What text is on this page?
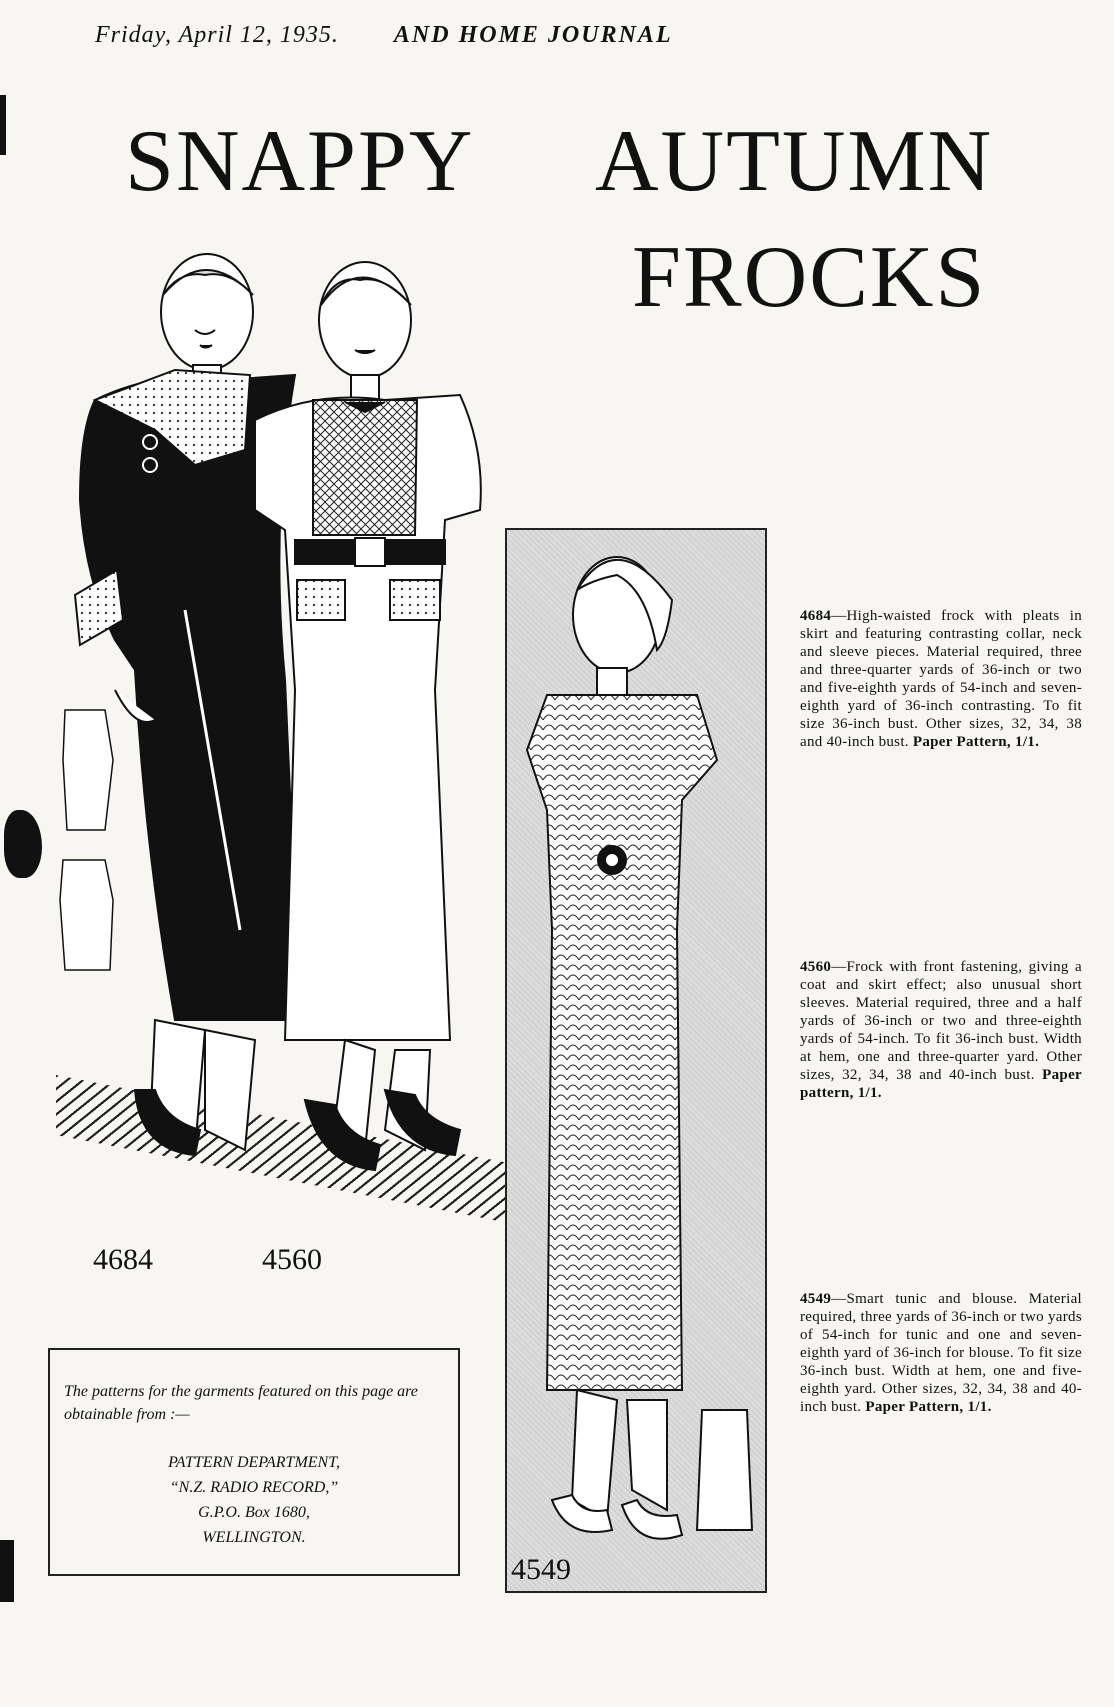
Friday, April 12, 1935. AND HOME JOURNAL
SNAPPY AUTUMN
FROCKS
4684	4560
4549
4684—High-waisted frock with pleats in skirt and featuring contrasting collar, neck and sleeve pieces. Material required, three and three-quarter yards of 36-inch or two and five-eighth yards of 54-inch and seven-eighth yard of 36-inch contrasting. To fit size 36-inch bust. Other sizes, 32, 34, 38 and 40-inch bust. Paper Pattern, 1/1.
4560—Frock with front fastening, giving a coat and skirt effect; also unusual short sleeves. Material required, three and a half yards of 36-inch or two and three-eighth yards of 54-inch. To fit 36-inch bust. Width at hem, one and three-quarter yard. Other sizes, 32, 34, 38 and 40-inch bust. Paper pattern, 1/1.
4549—Smart tunic and blouse. Material required, three yards of 36-inch or two yards of 54-inch for tunic and one and seven-eighth yard of 36-inch for blouse. To fit size 36-inch bust. Width at hem, one and five-eighth yard. Other sizes, 32, 34, 38 and 40-inch bust. Paper Pattern, 1/1.
The patterns for the garments featured on this page are obtainable from :—
PATTERN DEPARTMENT,
“N.Z. RADIO RECORD,”
G.P.O. Box 1680,
WELLINGTON.
